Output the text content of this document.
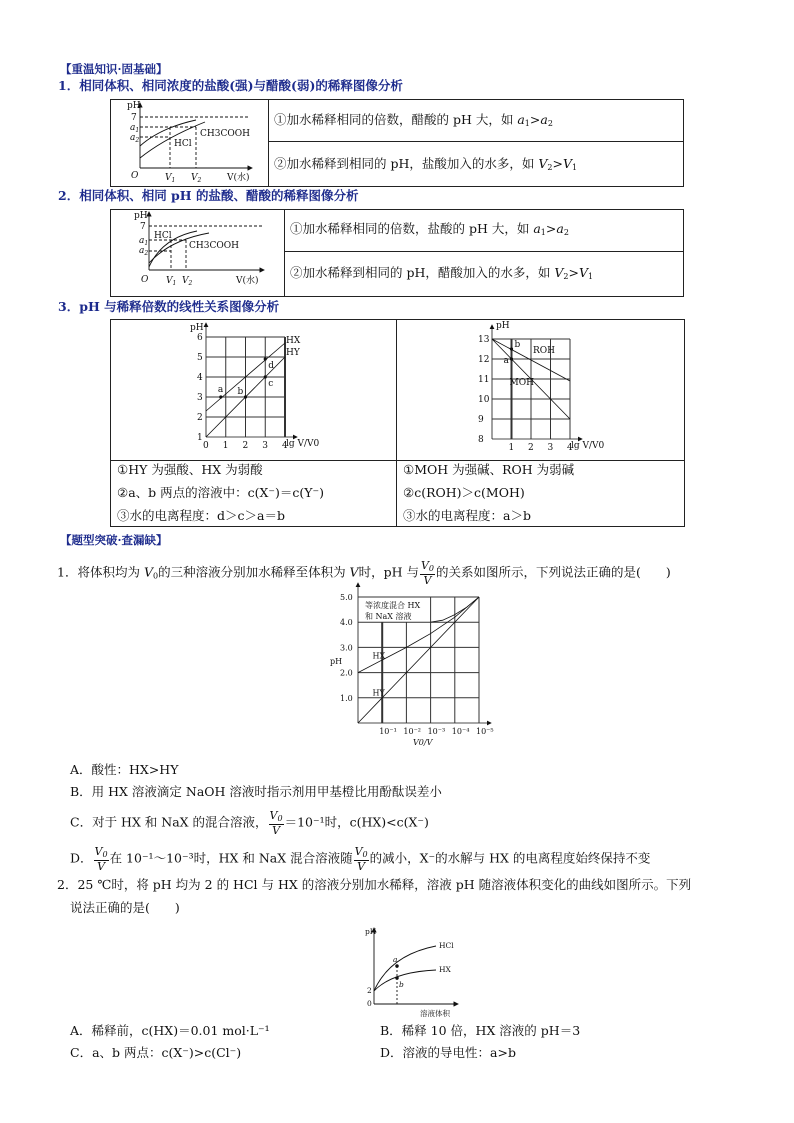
【重温知识·固基础】
1．相同体积、相同浓度的盐酸(强)与醋酸(弱)的稀释图像分析
①加水稀释相同的倍数，醋酸的 pH 大，如 $a_1>a_2$
②加水稀释到相同的 pH，盐酸加入的水多，如 $V_2>V_1$
2．相同体积、相同 pH 的盐酸、醋酸的稀释图像分析
①加水稀释相同的倍数，盐酸的 pH 大，如 $a_1>a_2$
②加水稀释到相同的 pH，醋酸加入的水多，如 $V_2>V_1$
3．pH 与稀释倍数的线性关系图像分析
①HY 为强酸、HX 为弱酸
②a、b 两点的溶液中：c(X⁻)＝c(Y⁻)
③水的电离程度：d＞c＞a＝b
①MOH 为强碱、ROH 为弱碱
②c(ROH)＞c(MOH)
③水的电离程度：a＞b
【题型突破·查漏缺】
1．将体积均为 $V_0$的三种溶液分别加水稀释至体积为 V时，pH 与 $\frac{V_0}{V}$ 的关系如图所示，下列说法正确的是(　　)
A．酸性：HX>HY
B．用 HX 溶液滴定 NaOH 溶液时指示剂用甲基橙比用酚酞误差小
C．对于 HX 和 NaX 的混合溶液， $\frac{V_0}{V} =10^{-1}$时，c(HX)<c(X⁻)
D． $\frac{V_0}{V}$ 在 10⁻¹～10⁻³时，HX 和 NaX 混合溶液随 $\frac{V_0}{V}$ 的减小，X⁻的水解与 HX 的电离程度始终保持不变
2．25 ℃时，将 pH 均为 2 的 HCl 与 HX 的溶液分别加水稀释，溶液 pH 随溶液体积变化的曲线如图所示。下列
说法正确的是(　　)
A．稀释前，c(HX)＝0.01 mol·L⁻¹	B．稀释 10 倍，HX 溶液的 pH＝3
C．a、b 两点：c(X⁻)>c(Cl⁻)	D．溶液的导电性：a>b
pH
7
$a_1$
$a_2$
O	$V_1$ $V_2$	V(水)
CH3COOH
HCl
pH
7
$a_1$
$a_2$
O $V_1$ $V_2$	V(水)
HCl
CH3COOH
pH
2
0
溶液体积
HCl
HX
a
b
0 1 2 3 4
1
2
3
4
5
6	HX
HY
a b
c
d
lg V/V0
pH
1 2 3 4
8
9
10
11
12
13
ROH
MOH
a
b
lg V/V0
pH
10⁻¹ 10⁻² 10⁻³ 10⁻⁴ 10⁻⁵
1.0
2.0
3.0
4.0
5.0
HX
HY
等浓度混合 HX
和 NaX 溶液
pH
V0/V
